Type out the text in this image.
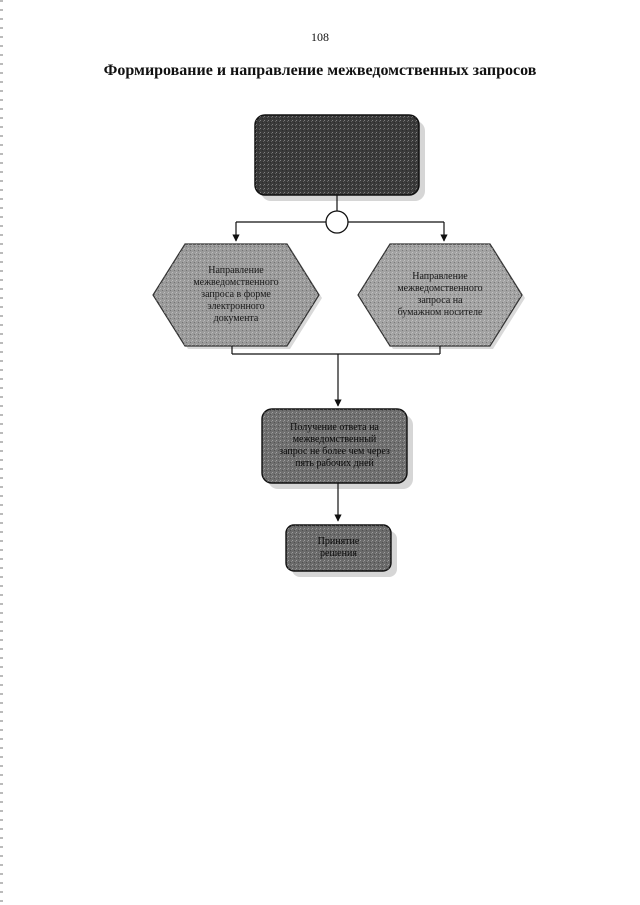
108
Формирование и направление межведомственных запросов
Направление
межведомственного
запроса в форме
электронного
документа
Направление
межведомственного
запроса на
бумажном носителе
Получение ответа на
межведомственный
запрос не более чем через
пять рабочих дней
Принятие
решения
